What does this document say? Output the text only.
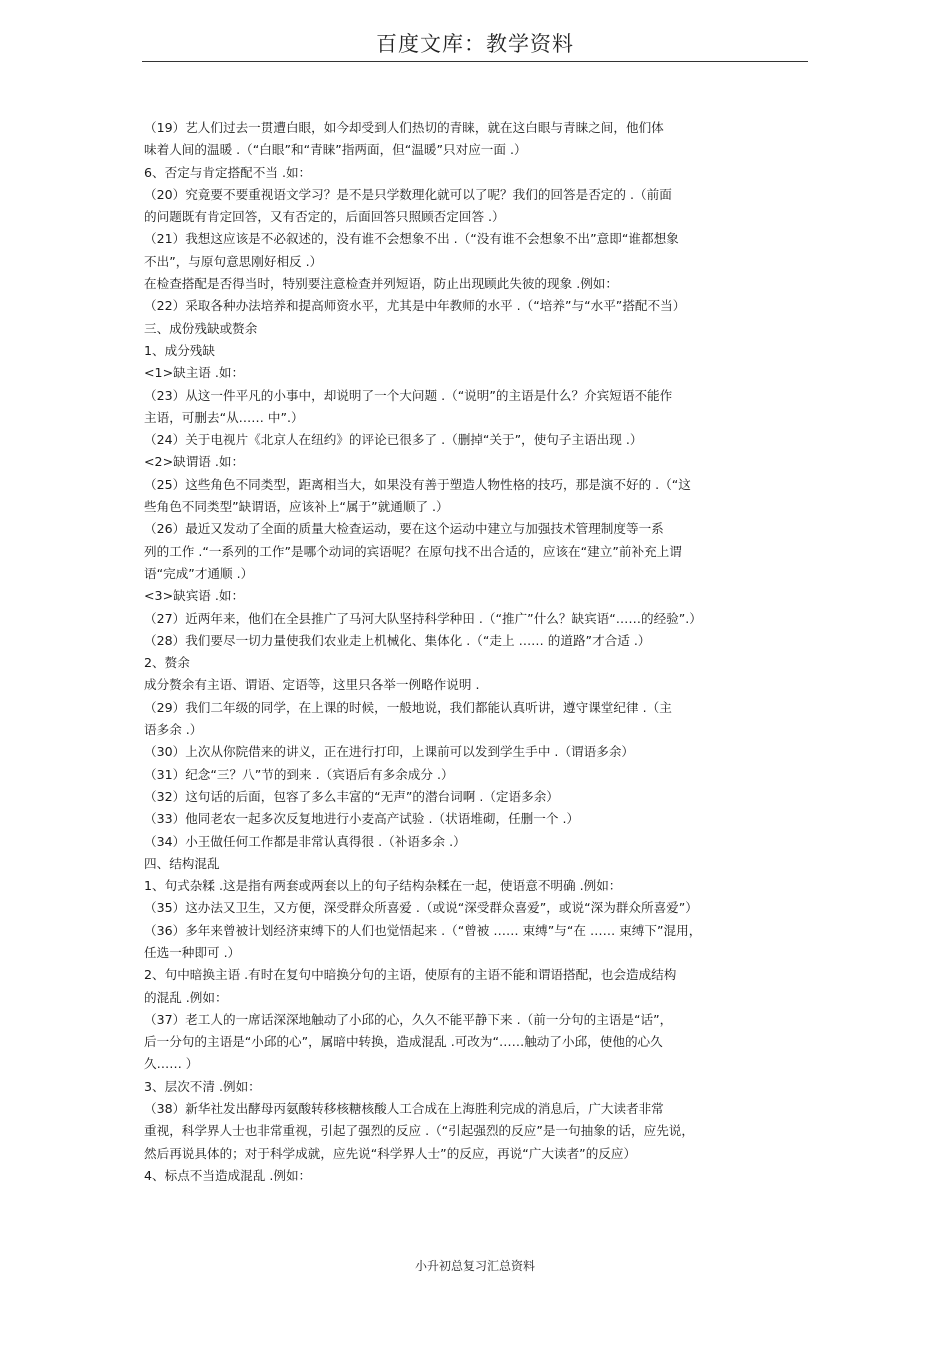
百度文库：教学资料
（19）艺人们过去一贯遭白眼，如今却受到人们热切的青睐，就在这白眼与青睐之间，他们体
味着人间的温暖 .（“白眼”和“青睐”指两面，但“温暖”只对应一面 .）
6、否定与肯定搭配不当 .如：
（20）究竟要不要重视语文学习？是不是只学数理化就可以了呢？我们的回答是否定的 .（前面
的问题既有肯定回答，又有否定的，后面回答只照顾否定回答 .）
（21）我想这应该是不必叙述的，没有谁不会想象不出 .（“没有谁不会想象不出”意即“谁都想象
不出”，与原句意思刚好相反 .）
在检查搭配是否得当时，特别要注意检查并列短语，防止出现顾此失彼的现象 .例如：
（22）采取各种办法培养和提高师资水平，尤其是中年教师的水平 .（“培养”与“水平”搭配不当）
三、成份残缺或赘余
1、成分残缺
<1>缺主语 .如：
（23）从这一件平凡的小事中，却说明了一个大问题 .（“说明”的主语是什么？介宾短语不能作
主语，可删去“从…… 中”.）
（24）关于电视片《北京人在纽约》的评论已很多了 .（删掉“关于”，使句子主语出现 .）
<2>缺谓语 .如：
（25）这些角色不同类型，距离相当大，如果没有善于塑造人物性格的技巧，那是演不好的 .（“这
些角色不同类型”缺谓语，应该补上“属于”就通顺了 .）
（26）最近又发动了全面的质量大检查运动，要在这个运动中建立与加强技术管理制度等一系
列的工作 .“一系列的工作”是哪个动词的宾语呢？在原句找不出合适的，应该在“建立”前补充上谓
语“完成”才通顺 .）
<3>缺宾语 .如：
（27）近两年来，他们在全县推广了马河大队坚持科学种田 .（“推广”什么？缺宾语“……的经验”.）
（28）我们要尽一切力量使我们农业走上机械化、集体化 .（“走上 …… 的道路”才合适 .）
2、赘余
成分赘余有主语、谓语、定语等，这里只各举一例略作说明 .
（29）我们二年级的同学，在上课的时候，一般地说，我们都能认真听讲，遵守课堂纪律 .（主
语多余 .）
（30）上次从你院借来的讲义，正在进行打印，上课前可以发到学生手中 .（谓语多余）
（31）纪念“三？八”节的到来 .（宾语后有多余成分 .）
（32）这句话的后面，包容了多么丰富的“无声”的潜台词啊 .（定语多余）
（33）他同老农一起多次反复地进行小麦高产试验 .（状语堆砌，任删一个 .）
（34）小王做任何工作都是非常认真得很 .（补语多余 .）
四、结构混乱
1、句式杂糅 .这是指有两套或两套以上的句子结构杂糅在一起，使语意不明确 .例如：
（35）这办法又卫生，又方便，深受群众所喜爱 .（或说“深受群众喜爱”，或说“深为群众所喜爱”）
（36）多年来曾被计划经济束缚下的人们也觉悟起来 .（“曾被 …… 束缚”与“在 …… 束缚下”混用，
任选一种即可 .）
2、句中暗换主语 .有时在复句中暗换分句的主语，使原有的主语不能和谓语搭配，也会造成结构
的混乱 .例如：
（37）老工人的一席话深深地触动了小邱的心，久久不能平静下来 .（前一分句的主语是“话”，
后一分句的主语是“小邱的心”，属暗中转换，造成混乱 .可改为“……触动了小邱，使他的心久
久…… ）
3、层次不清 .例如：
（38）新华社发出酵母丙氨酸转移核糖核酸人工合成在上海胜利完成的消息后，广大读者非常
重视，科学界人士也非常重视，引起了强烈的反应 .（“引起强烈的反应”是一句抽象的话，应先说，
然后再说具体的；对于科学成就，应先说“科学界人士”的反应，再说“广大读者”的反应）
4、标点不当造成混乱 .例如：
小升初总复习汇总资料
